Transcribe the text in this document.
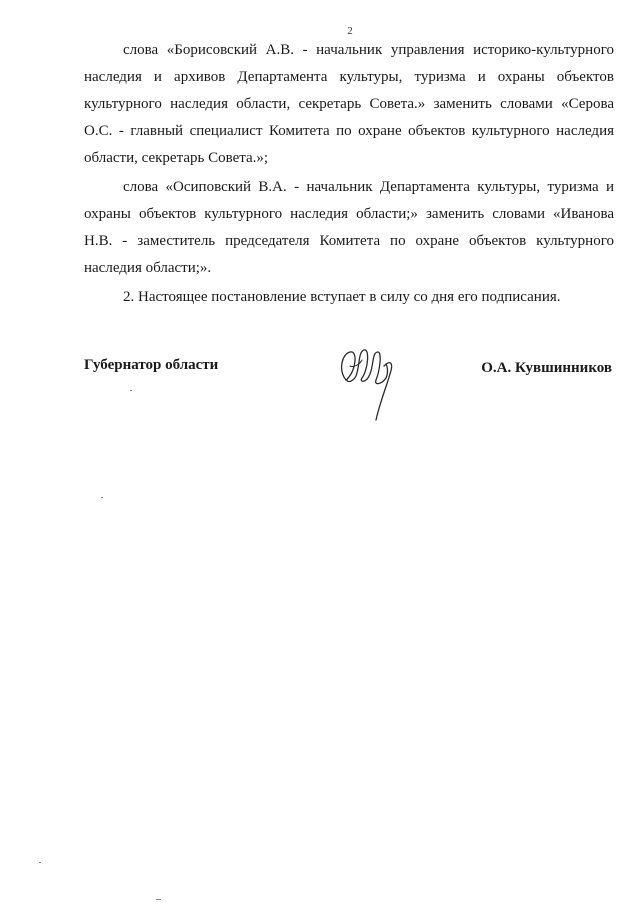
2

слова «Борисовский А.В. - начальник управления историко-культурного наследия и архивов Департамента культуры, туризма и охраны объектов культурного наследия области, секретарь Совета.» заменить словами «Серова О.С. - главный специалист Комитета по охране объектов культурного наследия области, секретарь Совета.»;

слова «Осиповский В.А. - начальник Департамента культуры, туризма и охраны объектов культурного наследия области;» заменить словами «Иванова Н.В. - заместитель председателя Комитета по охране объектов культурного наследия области;».

2. Настоящее постановление вступает в силу со дня его подписания.

Губернатор области	О.А. Кувшинников
